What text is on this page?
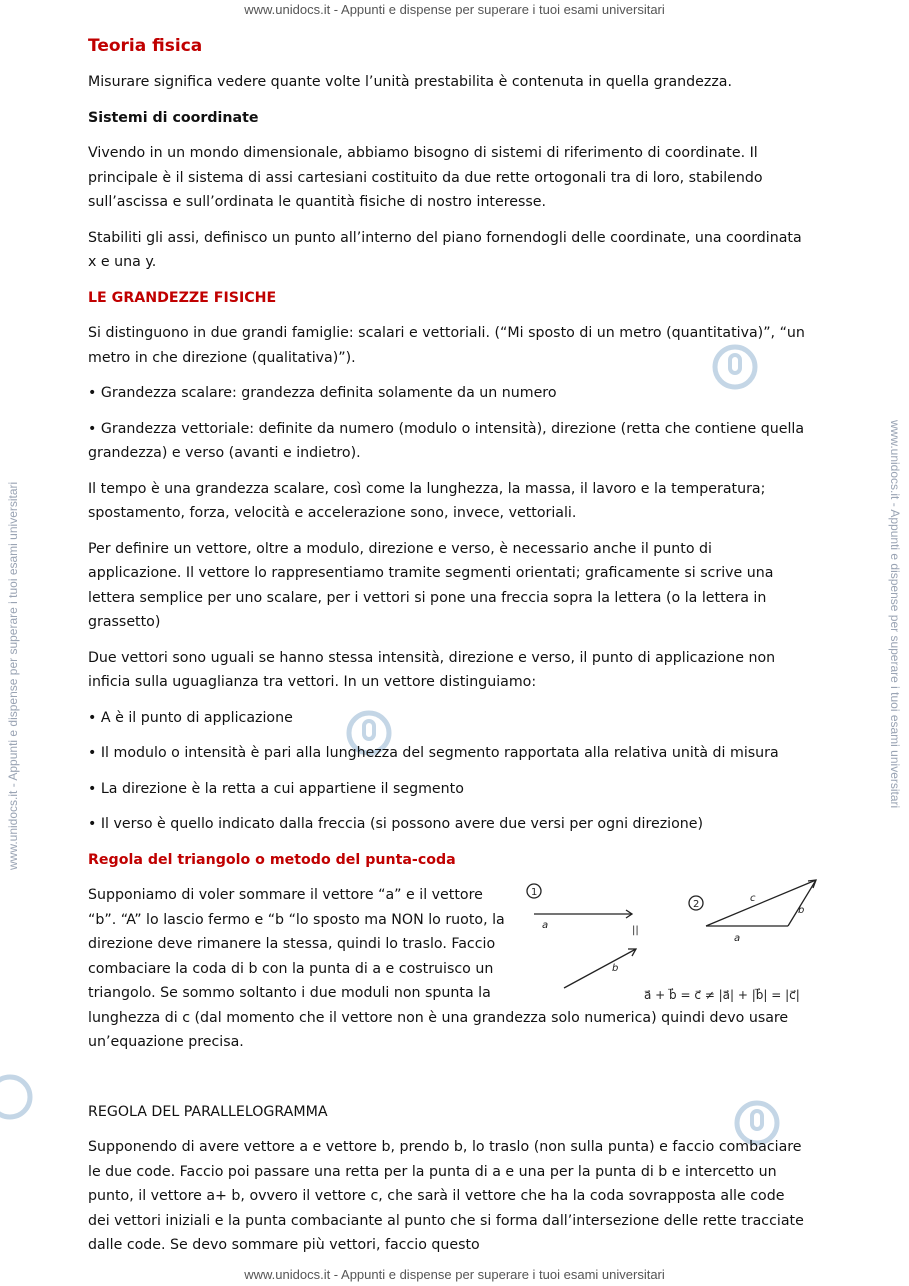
www.unidocs.it - Appunti e dispense per superare i tuoi esami universitari
www.unidocs.it - Appunti e dispense per superare i tuoi esami universitari
www.unidocs.it - Appunti e dispense per superare i tuoi esami universitari	www.unidocs.it - Appunti e dispense per superare i tuoi esami universitari

Teoria fisica

Misurare significa vedere quante volte l’unità prestabilita è contenuta in quella grandezza.

Sistemi di coordinate

Vivendo in un mondo dimensionale, abbiamo bisogno di sistemi di riferimento di coordinate. Il principale è il sistema di assi cartesiani costituito da due rette ortogonali tra di loro, stabilendo sull’ascissa e sull’ordinata le quantità fisiche di nostro interesse.

Stabiliti gli assi, definisco un punto all’interno del piano fornendogli delle coordinate, una coordinata x e una y.

LE GRANDEZZE FISICHE

Si distinguono in due grandi famiglie: scalari e vettoriali. (“Mi sposto di un metro (quantitativa)”, “un metro in che direzione (qualitativa)”).

• Grandezza scalare: grandezza definita solamente da un numero

• Grandezza vettoriale: definite da numero (modulo o intensità), direzione (retta che contiene quella grandezza) e verso (avanti e indietro).

Il tempo è una grandezza scalare, così come la lunghezza, la massa, il lavoro e la temperatura; spostamento, forza, velocità e accelerazione sono, invece, vettoriali.

Per definire un vettore, oltre a modulo, direzione e verso, è necessario anche il punto di applicazione. Il vettore lo rappresentiamo tramite segmenti orientati; graficamente si scrive una lettera semplice per uno scalare, per i vettori si pone una freccia sopra la lettera (o la lettera in grassetto)

Due vettori sono uguali se hanno stessa intensità, direzione e verso, il punto di applicazione non inficia sulla uguaglianza tra vettori. In un vettore distinguiamo:

• A è il punto di applicazione

• Il modulo o intensità è pari alla lunghezza del segmento rapportata alla relativa unità di misura

• La direzione è la retta a cui appartiene il segmento

• Il verso è quello indicato dalla freccia (si possono avere due versi per ogni direzione)

Regola del triangolo o metodo del punta-coda

Supponiamo di voler sommare il vettore “a” e il vettore “b”. “A” lo lascio fermo e “b “lo sposto ma NON lo ruoto, la direzione deve rimanere la stessa, quindi lo traslo. Faccio combaciare la coda di b con la punta di a e costruisco un triangolo. Se sommo soltanto i due moduli non spunta la lunghezza di c (dal momento che il vettore non è una grandezza solo numerica) quindi devo usare un’equazione precisa.

1
2
a
b
a
b
c
||
a⃗ + b⃗ = c⃗ ≠ |a⃗| + |b⃗| = |c⃗|

REGOLA DEL PARALLELOGRAMMA

Supponendo di avere vettore a e vettore b, prendo b, lo traslo (non sulla punta) e faccio combaciare le due code. Faccio poi passare una retta per la punta di a e una per la punta di b e intercetto un punto, il vettore a+ b, ovvero il vettore c, che sarà il vettore che ha la coda sovrapposta alle code dei vettori iniziali e la punta combaciante al punto che si forma dall’intersezione delle rette tracciate dalle code. Se devo sommare più vettori, faccio questo
